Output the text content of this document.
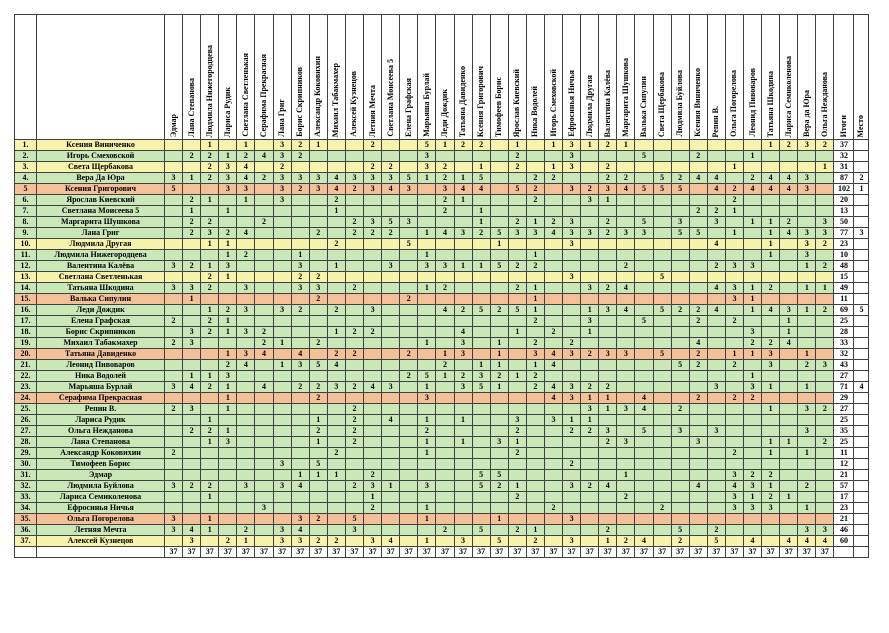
		Эдмар	Лана Степанова	Людмила Нижегородцева	Лариса Рудик	Светлана Светленькая	Серафима Прекрасная	Лана Григ	Борис Скрипников	Александр Коковихин	Михаил Табакмахер	Алексей Кузнецов	Летния Мечта	Светлана Моисеева 5	Елена Графская	Марьяша Бурлай	Леди Дождик	Татьяна Давиденко	Ксения Григорович	Тимофеев Борис	Ярослав Киевский	Ника Водолей	Игорь Смеховской	Ефросинья Ничья	Людмила Другая	Валентина Калёва	Маргарита Шушкова	Валька Сипулин	Света Щербакова	Людмила Буйлова	Ксения Виниченко	Репин В.	Ольга Погорелова	Леонид Пивоваров	Татьяна Шкодина	Лариса Семиколенова	Вера да Юра	Ольга Нежданова	Итоги	Место
1.	Ксения Виниченко			1		1		3	2	1			2			5	1	2	2		1		1	3	1	2	1								1	2	3	2	37	
2.	Игорь Смеховской		2	2	1	2	4	3	2							3					2			3				5			2			1					32	
3.	Света Щербакова			2	3	4		2					2	2		3	2		1		2		1	3		2							1					1	31	
4.	Вера Да Юра	3	1	2	3	4	2	3	3	3	4	3	3	3	5	1	2	1	5			2	2			2	2		5	2	4	4		2	4	4	3		87	2
5	Ксения Григорович	5			3	3		3	2	3	4	2	3	4	3		3	4	4		5	2		3	2	3	4	5	5	5		4	2	4	4	4	3		102	1
6.	Ярослав Киевский		2	1		1		3			2						2	1				2			3	1							2						20	
7.	Светлана Моисеева 5		1		1						1						2		1												2	2	1						13	
8.	Маргарита Шушкова		2	2			2					2	3	5	3				1		2	1	2	3		2		5		3		3		1	1	2		3	50	
9.	Лана Григ		2	3	2	4				2		2	2	2		1	4	3	2	5	3	3	4	3	3	2	3	3		5	5		1		1	4	3	3	77	3
10.	Людмила Другая			1	1						2				5					1				3								4			1		3	2	23	
11.	Людмила Нижегородцева				1	2			1							1						1													1		3		10	
12.	Валентина Калёва	3	2	1	3				3		1			3		3	3	1	1	5	2	2					2					2	3	3			1	2	48	
13.	Светлана Светленькая			2	1				2	2														3					5										15	
14.	Татьяна Шкодина	3	3	2		3			3	3		2				1	2				2	1			3	2	4					4	3	1	2		1	1	49	
15.	Валька Сипулин		1							2					2							1											3	1					11	
16.	Леди Дождик			1	2	3		3	2		2		3				4	2	5	2	5	1			1	3	4		5	2	2	4		1	4	3	1	2	69	5
17.	Елена Графская	2		2	1																	2			3			5			2		2			1			25	
18.	Борис Скрипников		3	2	1	3	2				1	2	2					4			1		2		1									3		1			28	
19.	Михаил Табакмахер	2	3				2	1		2						1		3		1		2		2							4			2	2	4			33	
20.	Татьяна Давиденко				1	3	4		4		2	2			2		1	3		1		3	4	3	2	3	3		5		2		1	1	3		1		32	
21.	Леонид Пивоваров				2	4		1	3	5	4						2		1	1		1	4							5	2		2		3		2	3	43	
22.	Ника Водолей		1	1	3										2	5	1	2	3	2	1	2												1					27	
23.	Марьяша Бурлай	3	4	2	1		4		2	2	3	2	4	3		1		3	5	1		2	4	3	2	2						3		3	1		1		71	4
24.	Серафима Прекрасная				1					2						3							4	3	1	1		4			2		2	2					29	
25.	Репин В.	2	3		1							2													3	1	3	4		2					1		3	2	27	
26.	Лариса Рудик			1						1		2		4		1		1			3		3	1	1														25	
27.	Ольга Нежданова		2	2	1					2		2				2					2			2	2	3		5		3		3					3		35	
28.	Лана Степанова			1	3					1		2				1		1		3	1					2	3				3				1	1		2	25	
29.	Александр Коковихин	2									2					1					2												2		1		1		11	
30.	Тимофеев Борис							3		5														2															12	
31.	Эдмар								1	1	1		2						5	5							1						3	2	2				21	
32.	Людмила Буйлова	3	2	2		3		3	4			2	3	1		3			5	2	1			3	2	4					4		4	3	1		2		57	
33.	Лариса Семиколенова			1									1								2						2						3	1	2	1			17	
34.	Ефросинья Ничья						3						2			1							2						2				3	3	3		1		23	
35.	Ольга Погорелова	3		1					3	2		5				1				1				3															21	
36.	Летняя Мечта	3	4	1		2		3	4			3					2		5		2	1				2				5		2					3	3	46	
37.	Алексей Кузнецов		3		2	1		3	3	2	2		3	4		1		3		5		2		3		1	2	4		2		5		4		4	4	4	60	
		37	37	37	37	37	37	37	37	37	37	37	37	37	37	37	37	37	37	37	37	37	37	37	37	37	37	37	37	37	37	37	37	37	37	37	37	37		
